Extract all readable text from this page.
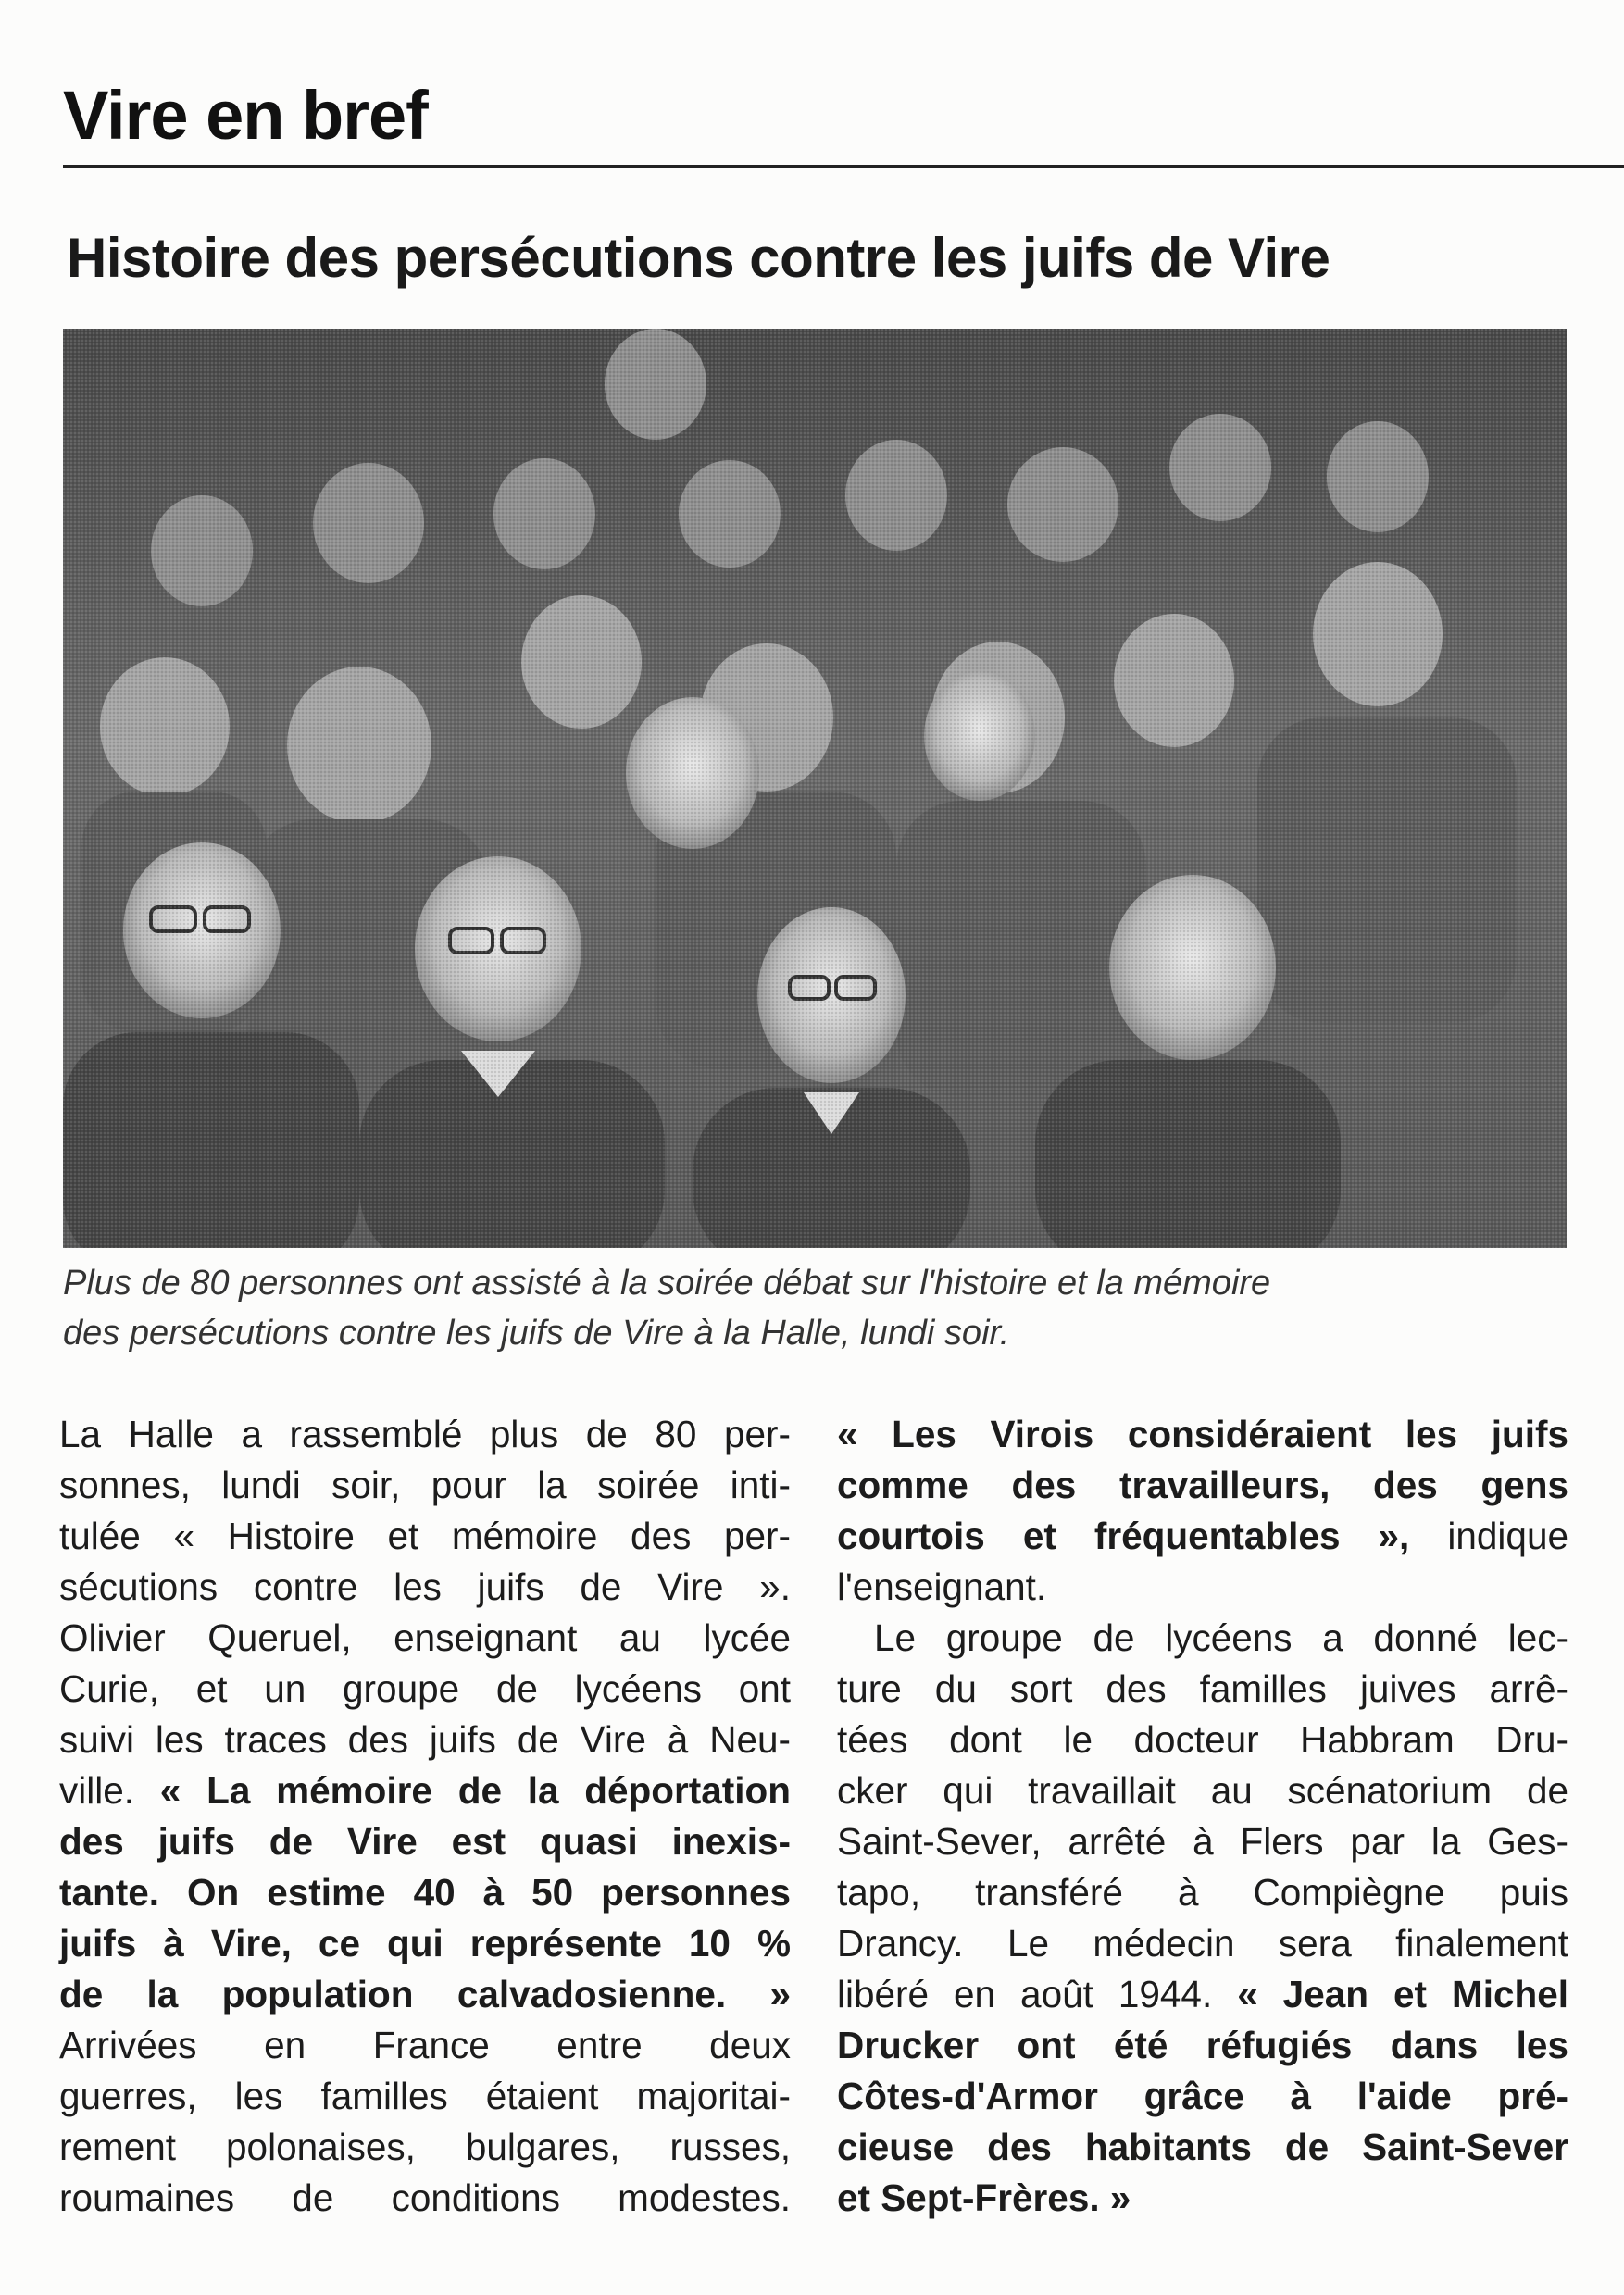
Vire en bref
Histoire des persécutions contre les juifs de Vire

Plus de 80 personnes ont assisté à la soirée débat sur l'histoire et la mémoire

des persécutions contre les juifs de Vire à la Halle, lundi soir.

La Halle a rassemblé plus de 80 per-
sonnes, lundi soir, pour la soirée inti-
tulée « Histoire et mémoire des per-
sécutions contre les juifs de Vire ».
Olivier Queruel, enseignant au lycée
Curie, et un groupe de lycéens ont
suivi les traces des juifs de Vire à Neu-
ville. « La mémoire de la déportation
des juifs de Vire est quasi inexis-
tante. On estime 40 à 50 personnes
juifs à Vire, ce qui représente 10 %
de la population calvadosienne. »
Arrivées en France entre deux
guerres, les familles étaient majoritai-
rement polonaises, bulgares, russes,
roumaines de conditions modestes.
« Les Virois considéraient les juifs
comme des travailleurs, des gens
courtois et fréquentables », indique
l'enseignant.
Le groupe de lycéens a donné lec-
ture du sort des familles juives arrê-
tées dont le docteur Habbram Dru-
cker qui travaillait au scénatorium de
Saint-Sever, arrêté à Flers par la Ges-
tapo, transféré à Compiègne puis
Drancy. Le médecin sera finalement
libéré en août 1944. « Jean et Michel
Drucker ont été réfugiés dans les
Côtes-d'Armor grâce à l'aide pré-
cieuse des habitants de Saint-Sever
et Sept-Frères. »
